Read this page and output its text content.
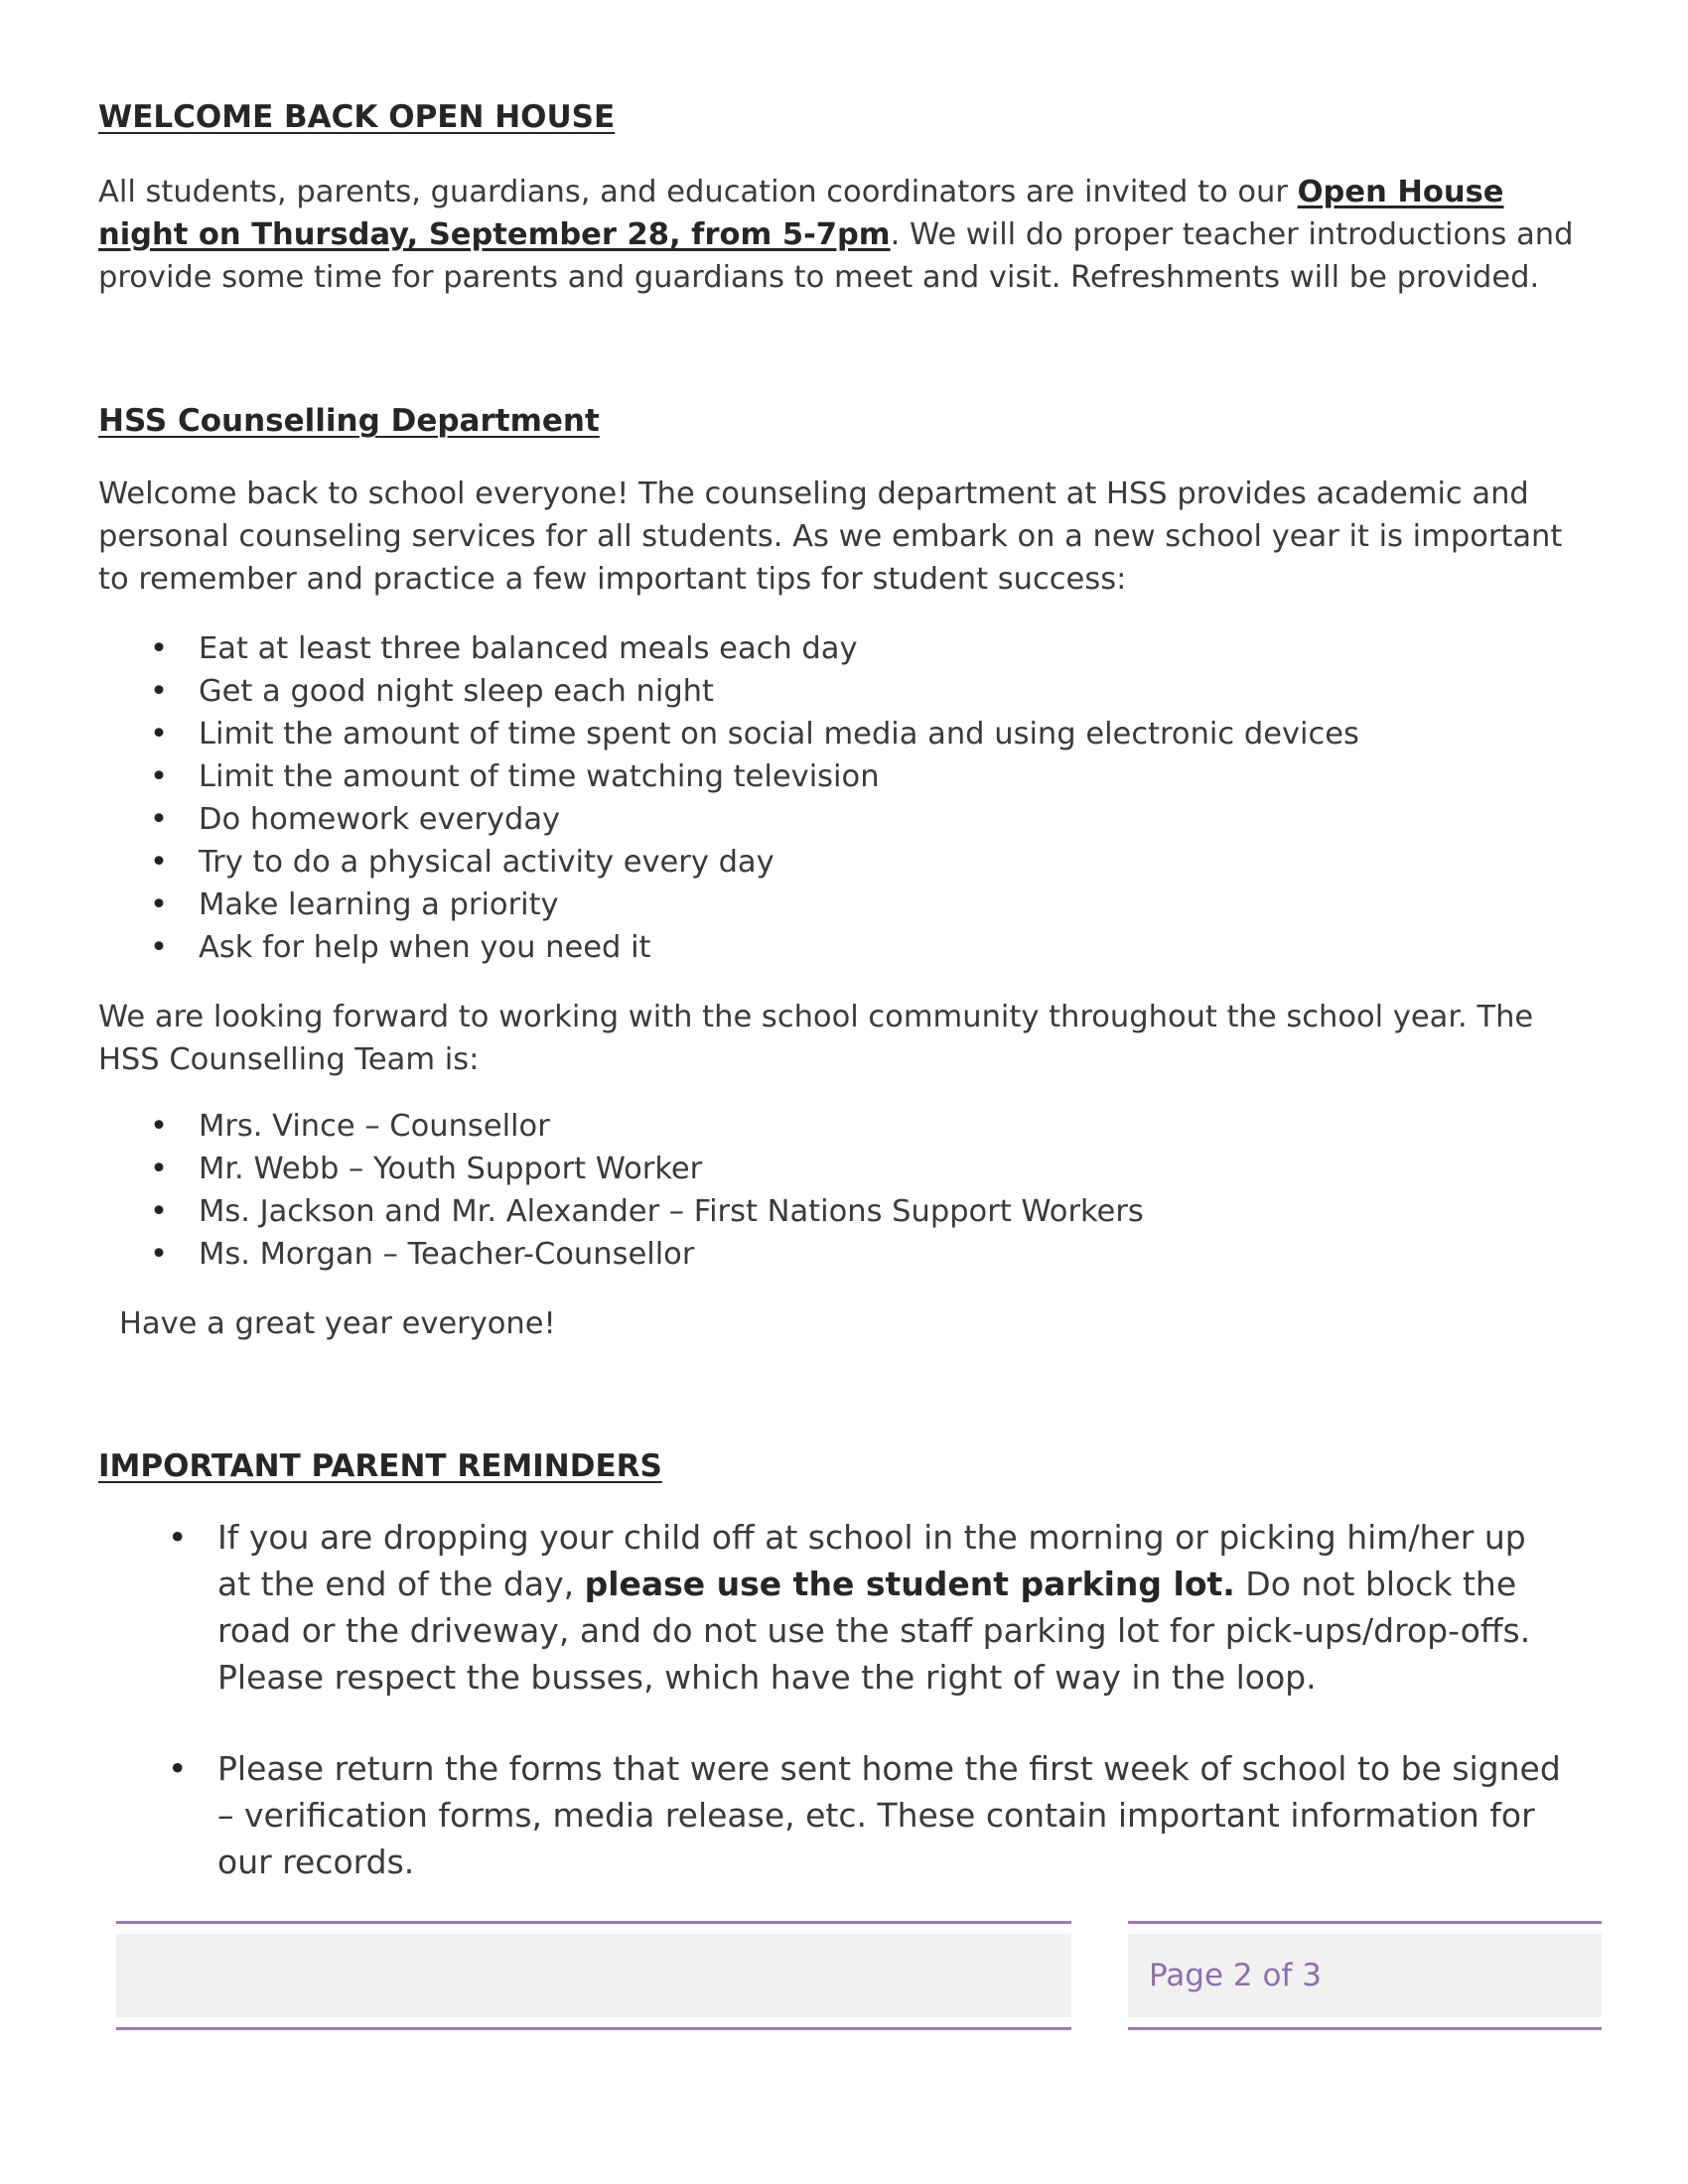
WELCOME BACK OPEN HOUSE

All students, parents, guardians, and education coordinators are invited to our Open House night on Thursday, September 28, from 5-7pm. We will do proper teacher introductions and provide some time for parents and guardians to meet and visit. Refreshments will be provided.

HSS Counselling Department

Welcome back to school everyone! The counseling department at HSS provides academic and personal counseling services for all students. As we embark on a new school year it is important to remember and practice a few important tips for student success:

• Eat at least three balanced meals each day
• Get a good night sleep each night
• Limit the amount of time spent on social media and using electronic devices
• Limit the amount of time watching television
• Do homework everyday
• Try to do a physical activity every day
• Make learning a priority
• Ask for help when you need it

We are looking forward to working with the school community throughout the school year. The HSS Counselling Team is:

• Mrs. Vince – Counsellor
• Mr. Webb – Youth Support Worker
• Ms. Jackson and Mr. Alexander – First Nations Support Workers
• Ms. Morgan – Teacher-Counsellor

Have a great year everyone!

IMPORTANT PARENT REMINDERS
• If you are dropping your child off at school in the morning or picking him/her up at the end of the day, please use the student parking lot. Do not block the road or the driveway, and do not use the staff parking lot for pick-ups/drop-offs. Please respect the busses, which have the right of way in the loop.
• Please return the forms that were sent home the first week of school to be signed – verification forms, media release, etc. These contain important information for our records.
Page 2 of 3
